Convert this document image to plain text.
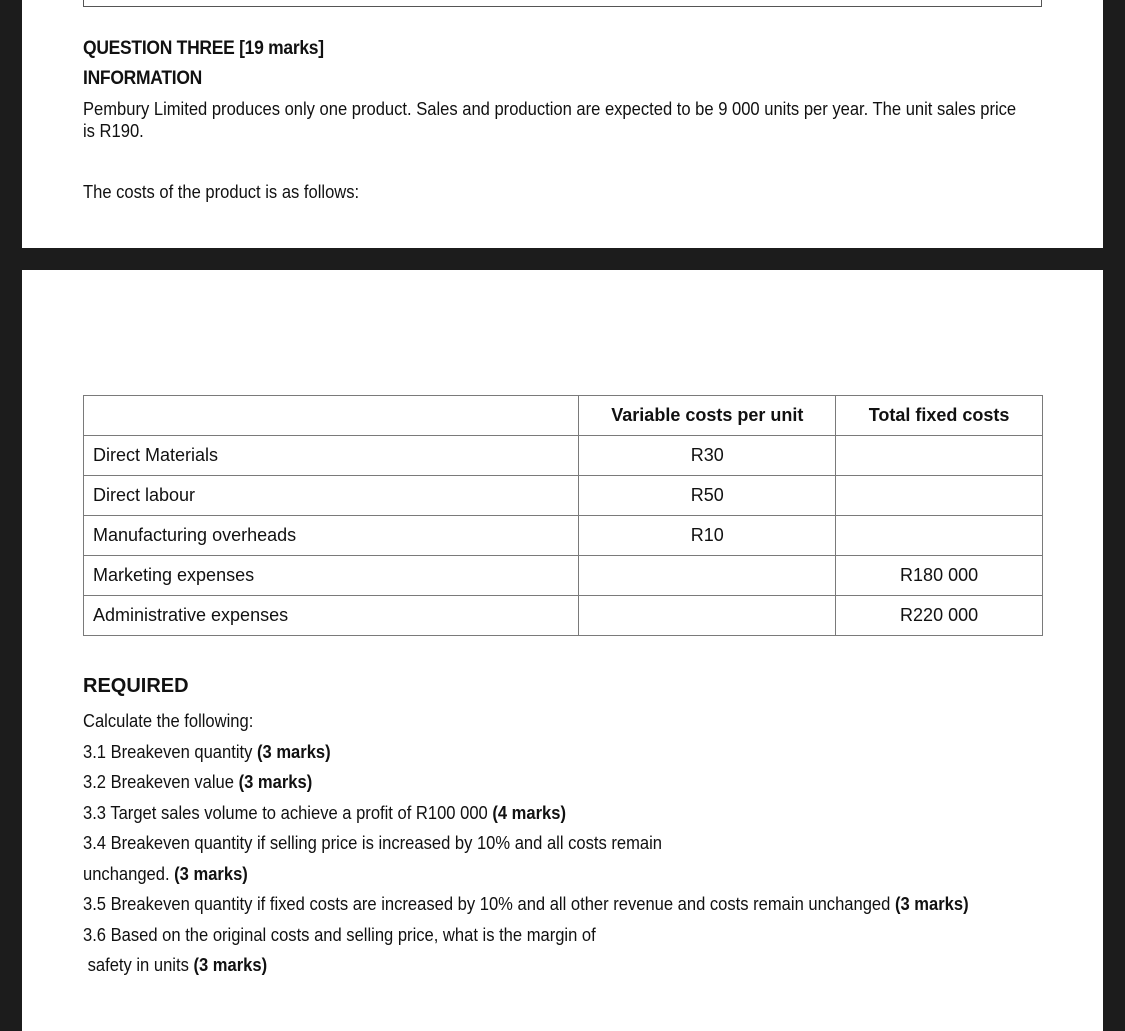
QUESTION THREE [19 marks]
INFORMATION
Pembury Limited produces only one product. Sales and production are expected to be 9 000 units per year. The unit sales price is R190.
The costs of the product is as follows:
	Variable costs per unit	Total fixed costs
Direct Materials	R30	
Direct labour	R50	
Manufacturing overheads	R10	
Marketing expenses		R180 000
Administrative expenses		R220 000
REQUIRED
Calculate the following:
3.1 Breakeven quantity (3 marks)
3.2 Breakeven value (3 marks)
3.3 Target sales volume to achieve a profit of R100 000 (4 marks)
3.4 Breakeven quantity if selling price is increased by 10% and all costs remain
unchanged. (3 marks)
3.5 Breakeven quantity if fixed costs are increased by 10% and all other revenue and costs remain unchanged (3 marks)
3.6 Based on the original costs and selling price, what is the margin of
safety in units (3 marks)
